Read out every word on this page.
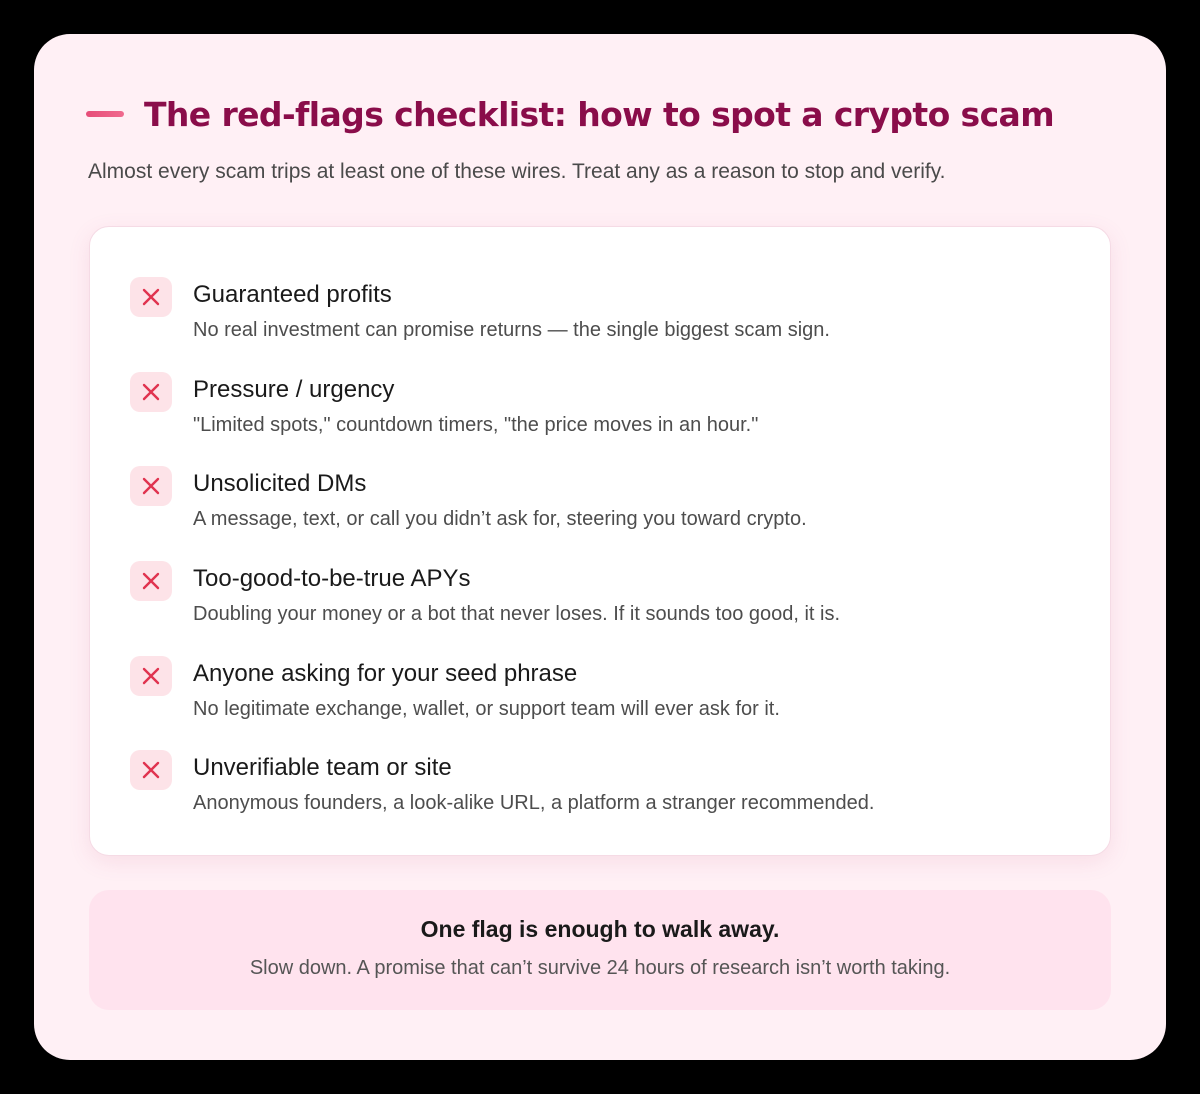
The red-flags checklist: how to spot a crypto scam
Almost every scam trips at least one of these wires. Treat any as a reason to stop and verify.
Guaranteed profits
No real investment can promise returns — the single biggest scam sign.
Pressure / urgency
"Limited spots," countdown timers, "the price moves in an hour."
Unsolicited DMs
A message, text, or call you didn’t ask for, steering you toward crypto.
Too-good-to-be-true APYs
Doubling your money or a bot that never loses. If it sounds too good, it is.
Anyone asking for your seed phrase
No legitimate exchange, wallet, or support team will ever ask for it.
Unverifiable team or site
Anonymous founders, a look-alike URL, a platform a stranger recommended.
One flag is enough to walk away.
Slow down. A promise that can’t survive 24 hours of research isn’t worth taking.
